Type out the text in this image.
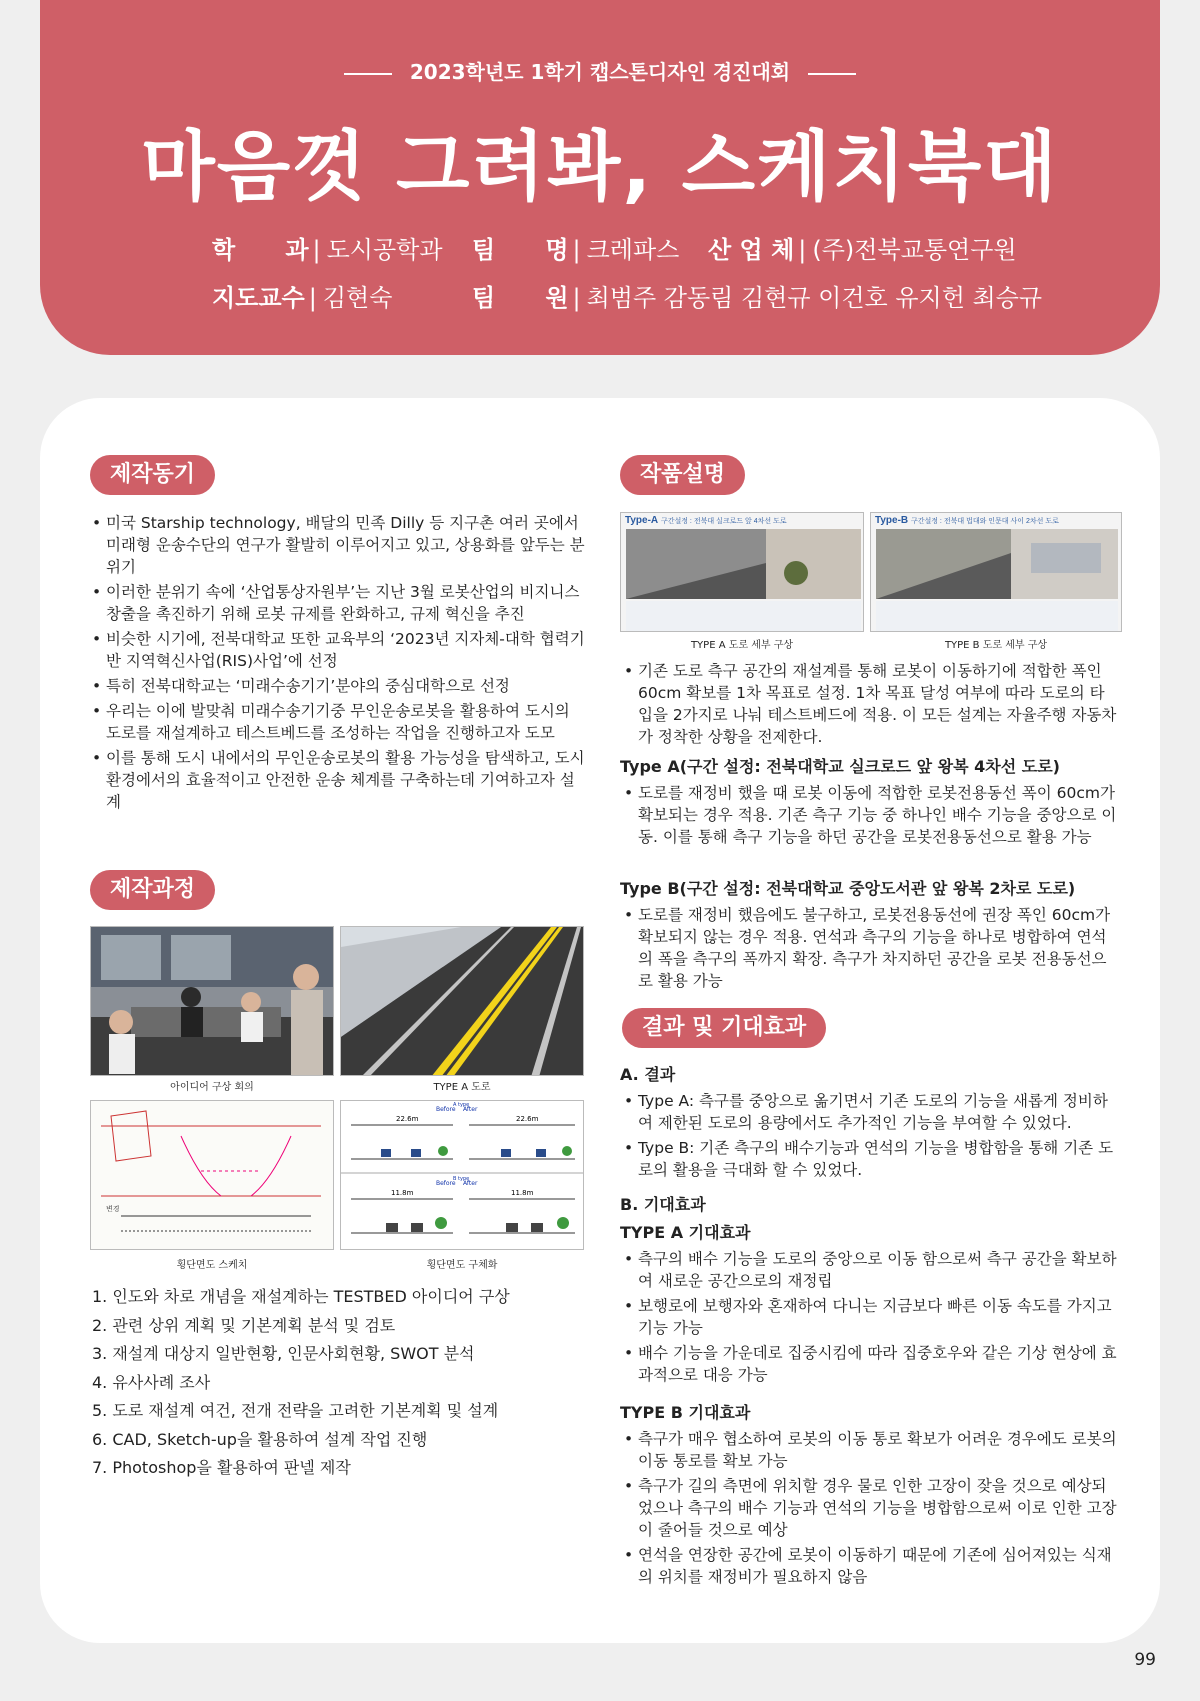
2023학년도 1학기 캡스톤디자인 경진대회
마음껏 그려봐, 스케치북대
학      과 | 도시공학과 팀      명 | 크레파스 산 업 체 | (주)전북교통연구원
지도교수 | 김현숙	팀      원 | 최범주 감동림 김현규 이건호 유지헌 최승규
제작동기
• 미국 Starship technology, 배달의 민족 Dilly 등 지구촌 여러 곳에서 미래형 운송수단의 연구가 활발히 이루어지고 있고, 상용화를 앞두는 분위기
• 이러한 분위기 속에 ‘산업통상자원부’는 지난 3월 로봇산업의 비지니스 창출을 촉진하기 위해 로봇 규제를 완화하고, 규제 혁신을 추진
• 비슷한 시기에, 전북대학교 또한 교육부의 ‘2023년 지자체-대학 협력기반 지역혁신사업(RIS)사업’에 선정
• 특히 전북대학교는 ‘미래수송기기’분야의 중심대학으로 선정
• 우리는 이에 발맞춰 미래수송기기중 무인운송로봇을 활용하여 도시의 도로를 재설계하고 테스트베드를 조성하는 작업을 진행하고자 도모
• 이를 통해 도시 내에서의 무인운송로봇의 활용 가능성을 탐색하고, 도시환경에서의 효율적이고 안전한 운송 체계를 구축하는데 기여하고자 설계
제작과정
아이디어 구상 회의	TYPE A 도로
변경
횡단면도 스케치
Before After
A type
22.6m	22.6m
Before After
B type
11.8m	11.8m
횡단면도 구체화
1. 인도와 차로 개념을 재설계하는 TESTBED 아이디어 구상
2. 관련 상위 계획 및 기본계획 분석 및 검토
3. 재설계 대상지 일반현황, 인문사회현황, SWOT 분석
4. 유사사례 조사
5. 도로 재설계 여건, 전개 전략을 고려한 기본계획 및 설계
6. CAD, Sketch-up을 활용하여 설계 작업 진행
7. Photoshop을 활용하여 판넬 제작
작품설명
Type-A 구간설정 : 전북대 실크로드 앞 4차선 도로
TYPE A 도로 세부 구상
Type-B 구간설정 : 전북대 법대와 인문대 사이 2차선 도로
TYPE B 도로 세부 구상
• 기존 도로 측구 공간의 재설계를 통해 로봇이 이동하기에 적합한 폭인 60cm 확보를 1차 목표로 설정. 1차 목표 달성 여부에 따라 도로의 타입을 2가지로 나눠 테스트베드에 적용. 이 모든 설계는 자율주행 자동차가 정착한 상황을 전제한다.
Type A(구간 설정: 전북대학교 실크로드 앞 왕복 4차선 도로)
• 도로를 재정비 했을 때 로봇 이동에 적합한 로봇전용동선 폭이 60cm가 확보되는 경우 적용. 기존 측구 기능 중 하나인 배수 기능을 중앙으로 이동. 이를 통해 측구 기능을 하던 공간을 로봇전용동선으로 활용 가능
Type B(구간 설정: 전북대학교 중앙도서관 앞 왕복 2차로 도로)
• 도로를 재정비 했음에도 불구하고, 로봇전용동선에 권장 폭인 60cm가 확보되지 않는 경우 적용. 연석과 측구의 기능을 하나로 병합하여 연석의 폭을 측구의 폭까지 확장. 측구가 차지하던 공간을 로봇 전용동선으로 활용 가능
결과 및 기대효과
A. 결과
• Type A: 측구를 중앙으로 옮기면서 기존 도로의 기능을 새롭게 정비하여 제한된 도로의 용량에서도 추가적인 기능을 부여할 수 있었다.
• Type B: 기존 측구의 배수기능과 연석의 기능을 병합함을 통해 기존 도로의 활용을 극대화 할 수 있었다.
B. 기대효과
TYPE A 기대효과
• 측구의 배수 기능을 도로의 중앙으로 이동 함으로써 측구 공간을 확보하여 새로운 공간으로의 재정립
• 보행로에 보행자와 혼재하여 다니는 지금보다 빠른 이동 속도를 가지고 기능 가능
• 배수 기능을 가운데로 집중시킴에 따라 집중호우와 같은 기상 현상에 효과적으로 대응 가능
TYPE B 기대효과
• 측구가 매우 협소하여 로봇의 이동 통로 확보가 어려운 경우에도 로봇의 이동 통로를 확보 가능
• 측구가 길의 측면에 위치할 경우 물로 인한 고장이 잦을 것으로 예상되었으나 측구의 배수 기능과 연석의 기능을 병합함으로써 이로 인한 고장이 줄어들 것으로 예상
• 연석을 연장한 공간에 로봇이 이동하기 때문에 기존에 심어져있는 식재의 위치를 재정비가 필요하지 않음
99
